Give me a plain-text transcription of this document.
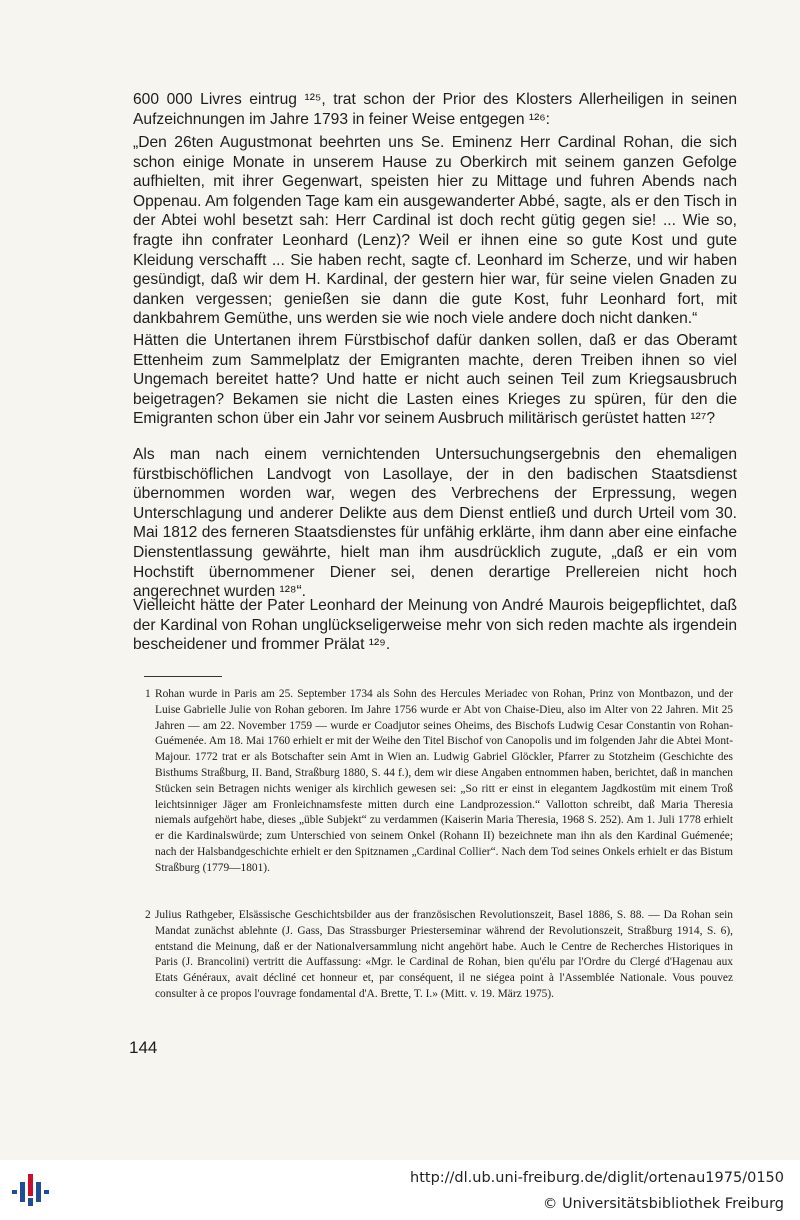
600 000 Livres eintrug ¹²⁵, trat schon der Prior des Klosters Allerheiligen in seinen Aufzeichnungen im Jahre 1793 in feiner Weise entgegen ¹²⁶:

„Den 26ten Augustmonat beehrten uns Se. Eminenz Herr Cardinal Rohan, die sich schon einige Monate in unserem Hause zu Oberkirch mit seinem ganzen Gefolge aufhielten, mit ihrer Gegenwart, speisten hier zu Mittage und fuhren Abends nach Oppenau. Am folgenden Tage kam ein ausgewanderter Abbé, sagte, als er den Tisch in der Abtei wohl besetzt sah: Herr Cardinal ist doch recht gütig gegen sie! ... Wie so, fragte ihn confrater Leonhard (Lenz)? Weil er ihnen eine so gute Kost und gute Kleidung verschafft ... Sie haben recht, sagte cf. Leonhard im Scherze, und wir haben gesündigt, daß wir dem H. Kardinal, der gestern hier war, für seine vielen Gnaden zu danken vergessen; genießen sie dann die gute Kost, fuhr Leonhard fort, mit dankbahrem Gemüthe, uns werden sie wie noch viele andere doch nicht danken.“

Hätten die Untertanen ihrem Fürstbischof dafür danken sollen, daß er das Oberamt Ettenheim zum Sammelplatz der Emigranten machte, deren Treiben ihnen so viel Ungemach bereitet hatte? Und hatte er nicht auch seinen Teil zum Kriegsausbruch beigetragen? Bekamen sie nicht die Lasten eines Krieges zu spüren, für den die Emigranten schon über ein Jahr vor seinem Ausbruch militärisch gerüstet hatten ¹²⁷?

Als man nach einem vernichtenden Untersuchungsergebnis den ehemaligen fürstbischöflichen Landvogt von Lasollaye, der in den badischen Staatsdienst übernommen worden war, wegen des Verbrechens der Erpressung, wegen Unterschlagung und anderer Delikte aus dem Dienst entließ und durch Urteil vom 30. Mai 1812 des ferneren Staatsdienstes für unfähig erklärte, ihm dann aber eine einfache Dienstentlassung gewährte, hielt man ihm ausdrücklich zugute, „daß er ein vom Hochstift übernommener Diener sei, denen derartige Prellereien nicht hoch angerechnet wurden ¹²⁸“.

Vielleicht hätte der Pater Leonhard der Meinung von André Maurois beigepflichtet, daß der Kardinal von Rohan unglückseligerweise mehr von sich reden machte als irgendein bescheidener und frommer Prälat ¹²⁹.

1 Rohan wurde in Paris am 25. September 1734 als Sohn des Hercules Meriadec von Rohan, Prinz von Montbazon, und der Luise Gabrielle Julie von Rohan geboren. Im Jahre 1756 wurde er Abt von Chaise-Dieu, also im Alter von 22 Jahren. Mit 25 Jahren — am 22. November 1759 — wurde er Coadjutor seines Oheims, des Bischofs Ludwig Cesar Constantin von Rohan-Guémenée. Am 18. Mai 1760 erhielt er mit der Weihe den Titel Bischof von Canopolis und im folgenden Jahr die Abtei Mont-Majour. 1772 trat er als Botschafter sein Amt in Wien an. Ludwig Gabriel Glöckler, Pfarrer zu Stotzheim (Geschichte des Bisthums Straßburg, II. Band, Straßburg 1880, S. 44 f.), dem wir diese Angaben entnommen haben, berichtet, daß in manchen Stücken sein Betragen nichts weniger als kirchlich gewesen sei: „So ritt er einst in elegantem Jagdkostüm mit einem Troß leichtsinniger Jäger am Fronleichnamsfeste mitten durch eine Landprozession.“ Vallotton schreibt, daß Maria Theresia niemals aufgehört habe, dieses „üble Subjekt“ zu verdammen (Kaiserin Maria Theresia, 1968 S. 252). Am 1. Juli 1778 erhielt er die Kardinalswürde; zum Unterschied von seinem Onkel (Rohann II) bezeichnete man ihn als den Kardinal Guémenée; nach der Halsbandgeschichte erhielt er den Spitznamen „Cardinal Collier“. Nach dem Tod seines Onkels erhielt er das Bistum Straßburg (1779—1801).
2 Julius Rathgeber, Elsässische Geschichtsbilder aus der französischen Revolutionszeit, Basel 1886, S. 88. — Da Rohan sein Mandat zunächst ablehnte (J. Gass, Das Strassburger Priesterseminar während der Revolutionszeit, Straßburg 1914, S. 6), entstand die Meinung, daß er der Nationalversammlung nicht angehört habe. Auch le Centre de Recherches Historiques in Paris (J. Brancolini) vertritt die Auffassung: «Mgr. le Cardinal de Rohan, bien qu'élu par l'Ordre du Clergé d'Hagenau aux Etats Généraux, avait décliné cet honneur et, par conséquent, il ne siégea point à l'Assemblée Nationale. Vous pouvez consulter à ce propos l'ouvrage fondamental d'A. Brette, T. I.» (Mitt. v. 19. März 1975).
144
http://dl.ub.uni-freiburg.de/diglit/ortenau1975/0150
© Universitätsbibliothek Freiburg
